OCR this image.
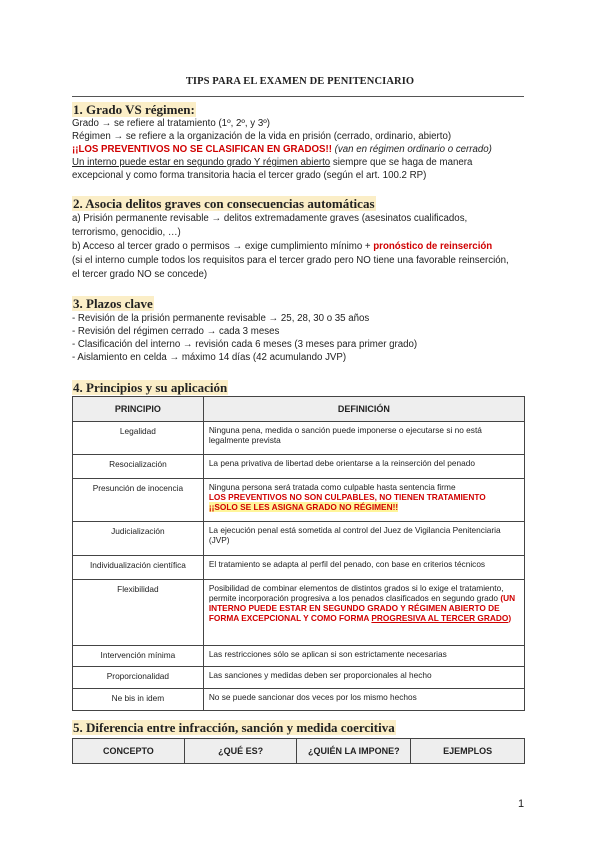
TIPS PARA EL EXAMEN DE PENITENCIARIO
1. Grado VS régimen:
Grado → se refiere al tratamiento (1º, 2º, y 3º)
Régimen → se refiere a la organización de la vida en prisión (cerrado, ordinario, abierto)
¡¡LOS PREVENTIVOS NO SE CLASIFICAN EN GRADOS!! (van en régimen ordinario o cerrado)
Un interno puede estar en segundo grado Y régimen abierto siempre que se haga de manera
excepcional y como forma transitoria hacia el tercer grado (según el art. 100.2 RP)
2. Asocia delitos graves con consecuencias automáticas
a) Prisión permanente revisable → delitos extremadamente graves (asesinatos cualificados,
terrorismo, genocidio, …)
b) Acceso al tercer grado o permisos → exige cumplimiento mínimo + pronóstico de reinserción
(si el interno cumple todos los requisitos para el tercer grado pero NO tiene una favorable reinserción,
el tercer grado NO se concede)
3. Plazos clave
- Revisión de la prisión permanente revisable → 25, 28, 30 o 35 años
- Revisión del régimen cerrado → cada 3 meses
- Clasificación del interno → revisión cada 6 meses (3 meses para primer grado)
- Aislamiento en celda → máximo 14 días (42 acumulando JVP)
4. Principios y su aplicación
PRINCIPIO	DEFINICIÓN
Legalidad	Ninguna pena, medida o sanción puede imponerse o ejecutarse si no está legalmente prevista
Resocialización	La pena privativa de libertad debe orientarse a la reinserción del penado
Presunción de inocencia	Ninguna persona será tratada como culpable hasta sentencia firme
LOS PREVENTIVOS NO SON CULPABLES, NO TIENEN TRATAMIENTO
¡¡SOLO SE LES ASIGNA GRADO NO RÉGIMEN!!
Judicialización	La ejecución penal está sometida al control del Juez de Vigilancia Penitenciaria (JVP)
Individualización científica	El tratamiento se adapta al perfil del penado, con base en criterios técnicos
Flexibilidad	Posibilidad de combinar elementos de distintos grados si lo exige el tratamiento, permite incorporación progresiva a los penados clasificados en segundo grado (UN INTERNO PUEDE ESTAR EN SEGUNDO GRADO Y RÉGIMEN ABIERTO DE FORMA EXCEPCIONAL Y COMO FORMA PROGRESIVA AL TERCER GRADO)
Intervención mínima	Las restricciones sólo se aplican si son estrictamente necesarias
Proporcionalidad	Las sanciones y medidas deben ser proporcionales al hecho
Ne bis in idem	No se puede sancionar dos veces por los mismo hechos
5. Diferencia entre infracción, sanción y medida coercitiva
CONCEPTO	¿QUÉ ES?	¿QUIÉN LA IMPONE?	EJEMPLOS
1
